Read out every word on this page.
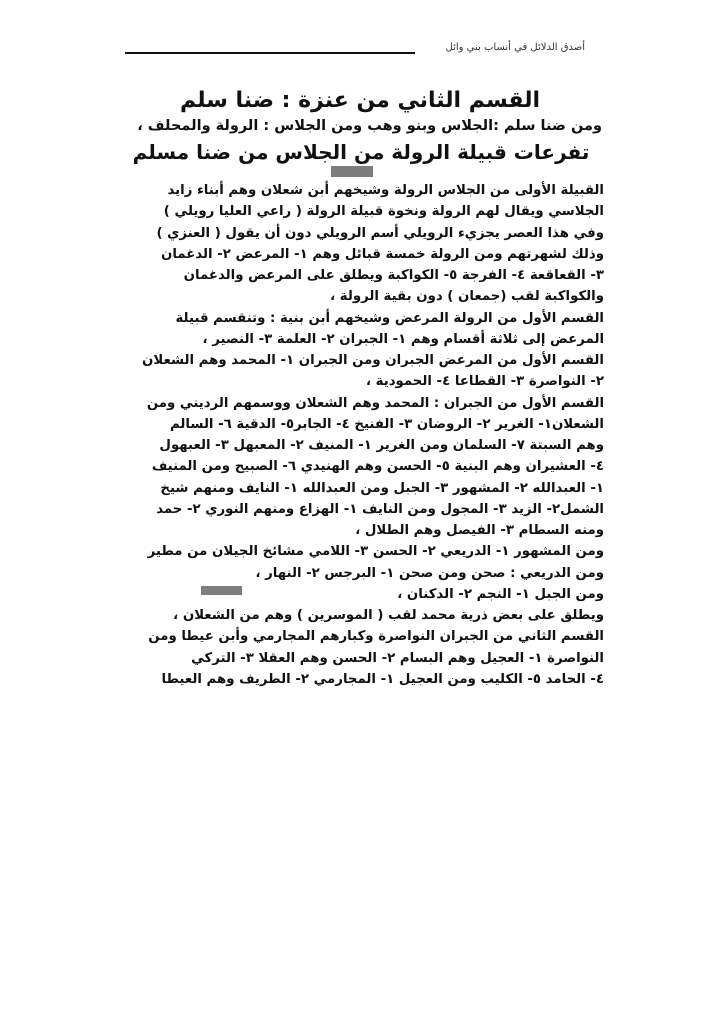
أصدق الدلائل في أنساب بني وائل
القسم الثاني من عنزة : ضنا سلم
ومن ضنا سلم :الجلاس وبنو وهب ومن الجلاس : الرولة والمحلف ،
تفرعات قبيلة الرولة من الجلاس من ضنا مسلم
القبيلة الأولى من الجلاس الرولة وشيخهم أبن شعلان وهم أبناء زايد
الجلاسي ويقال لهم الرولة ونخوة قبيلة الرولة ( راعي العليا رويلي )
وفي هذا العصر يجزيء الرويلي أسم الرويلي دون أن يقول ( العنزي )
وذلك لشهرتهم ومن الرولة خمسة قبائل وهم ١- المرعض ٢- الدغمان
٣- القعاقعة ٤- الفرجة ٥- الكواكبة ويطلق على المرعض والدغمان
والكواكبة لقب (جمعان ) دون بقية الرولة ،
القسم الأول من الرولة المرعض وشيخهم أبن بنية : وتنقسم قبيلة
المرعض إلى ثلاثة أقسام وهم ١- الجبران ٢- العلمة ٣- النصير ،
القسم الأول من المرعض الجبران ومن الجبران ١- المحمد وهم الشعلان
٢- النواصرة ٣- القطاعا ٤- الحمودية ،
القسم الأول من الجبران : المحمد وهم الشعلان ووسمهم الرديني ومن
الشعلان١- الغرير ٢- الروضان ٣- الفنيخ ٤- الجابر٥- الدقية ٦- السالم
وهم السبتة ٧- السلمان ومن الغرير ١- المنيف ٢- المعبهل ٣- العبهول
٤- العشيران وهم البنية ٥- الحسن وهم الهنيدي ٦- الصبيح ومن المنيف
١- العبدالله ٢- المشهور ٣- الجبل ومن العبدالله ١- النايف ومنهم شيخ
الشمل٢- الزيد ٣- المجول ومن النايف ١- الهزاع ومنهم النوري ٢- حمد
ومنه السطام ٣- الفيصل وهم الطلال ،
ومن المشهور ١- الدريعي ٢- الحسن ٣- اللامي مشائخ الجيلان من مطير
ومن الدريعي : صحن ومن صحن ١- البرجس ٢- النهار ،
ومن الجبل ١- النجم ٢- الدكنان ،
ويطلق على بعض ذرية محمد لقب ( الموسرين ) وهم من الشعلان ،
القسم الثاني من الجبران النواصرة وكبارهم المجارمي وأبن عيطا ومن
النواصرة ١- العجيل وهم البسام ٢- الحسن وهم العقلا ٣- التركي
٤- الحامد ٥- الكليب ومن العجيل ١- المجارمي ٢- الطريف وهم العيطا
